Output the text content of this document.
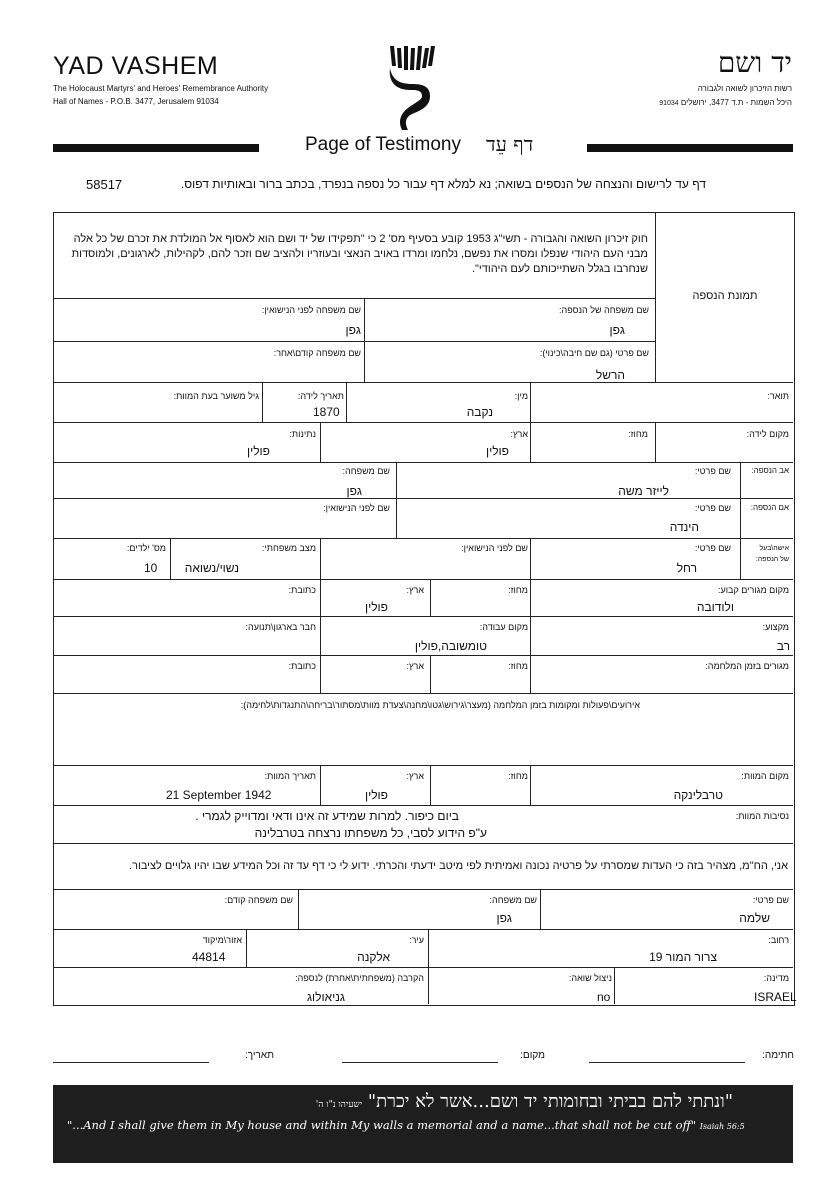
YAD VASHEM
The Holocaust Martyrs' and Heroes' Remembrance Authority
Hall of Names - P.O.B. 3477, Jerusalem 91034
יד ושם
רשות הזיכרון לשואה ולגבורה
היכל השמות - ת.ד 3477, ירושלים 91034
Page of Testimony דף עֵד
דף עד לרישום והנצחה של הנספים בשואה; נא למלא דף עבור כל נספה בנפרד, בכתב ברור ובאותיות דפוס.
58517
חוק זיכרון השואה והגבורה - תשי"ג 1953 קובע בסעיף מס' 2 כי "תפקידו של יד ושם הוא לאסוף אל המולדת את זכרם של כל אלה מבני העם היהודי שנפלו ומסרו את נפשם, נלחמו ומרדו באויב הנאצי ובעוזריו ולהציב שם וזכר להם, לקהילות, לארגונים, ולמוסדות שנחרבו בגלל השתייכותם לעם היהודי".
תמונת הנספה
שם משפחה של הנספה:
גפן
שם משפחה לפני הנישואין:
גפן
שם פרטי (גם שם חיבה\כינוי):
הרשל
שם משפחה קודם\אחר:
תואר:
מין:
נקבה
תאריך לידה:
1870
גיל משוער בעת המוות:
מקום לידה:
מחוז:
ארץ:
פולין
נתינות:
פולין
אב הנספה:
שם פרטי:
לייזר משה
שם משפחה:
גפן
אם הנספה:
שם פרטי:
הינדה
שם לפני הנישואין:
אישה\בעל
של הנספה:
שם פרטי:
רחל
שם לפני הנישואין:
מצב משפחתי:
נשוי/נשואה
מס' ילדים:
10
מקום מגורים קבוע:
ולודובה
מחוז:
ארץ:
פולין
כתובת:
מקצוע:
רב
מקום עבודה:
טומשובה,פולין
חבר בארגון\תנועה:
מגורים בזמן המלחמה:
מחוז:
ארץ:
כתובת:
אירועים\פעולות ומקומות בזמן המלחמה (מעצר\גירוש\גטו\מחנה\צעדת מוות\מסתור\בריחה\התנגדות\לחימה):
מקום המוות:
טרבלינקה
מחוז:
ארץ:
פולין
תאריך המוות:
21 September 1942
נסיבות המוות:
ביום כיפור. למרות שמידע זה אינו ודאי ומדוייק לגמרי .
ע"פ הידוע לסבי, כל משפחתו נרצחה בטרבלינה
אני, הח"מ, מצהיר בזה כי העדות שמסרתי על פרטיה נכונה ואמיתית לפי מיטב ידעתי והכרתי. ידוע לי כי דף עד זה וכל המידע שבו יהיו גלויים לציבור.
שם פרטי:
שלמה
שם משפחה:
גפן
שם משפחה קודם:
רחוב:
צרור המור 19
עיר:
אלקנה
אזור\מיקוד
44814
מדינה:
ISRAEL
ניצול שואה:
no
הקרבה (משפחתית\אחרת) לנספה:
גניאולוג
חתימה:
מקום:
תאריך:
"ונתתי להם בביתי ובחומותי יד ושם...אשר לא יכרת" ישעיהו נ"ו ה'
"...And I shall give them in My house and within My walls a memorial and a name...that shall not be cut off" Isaiah 56:5
